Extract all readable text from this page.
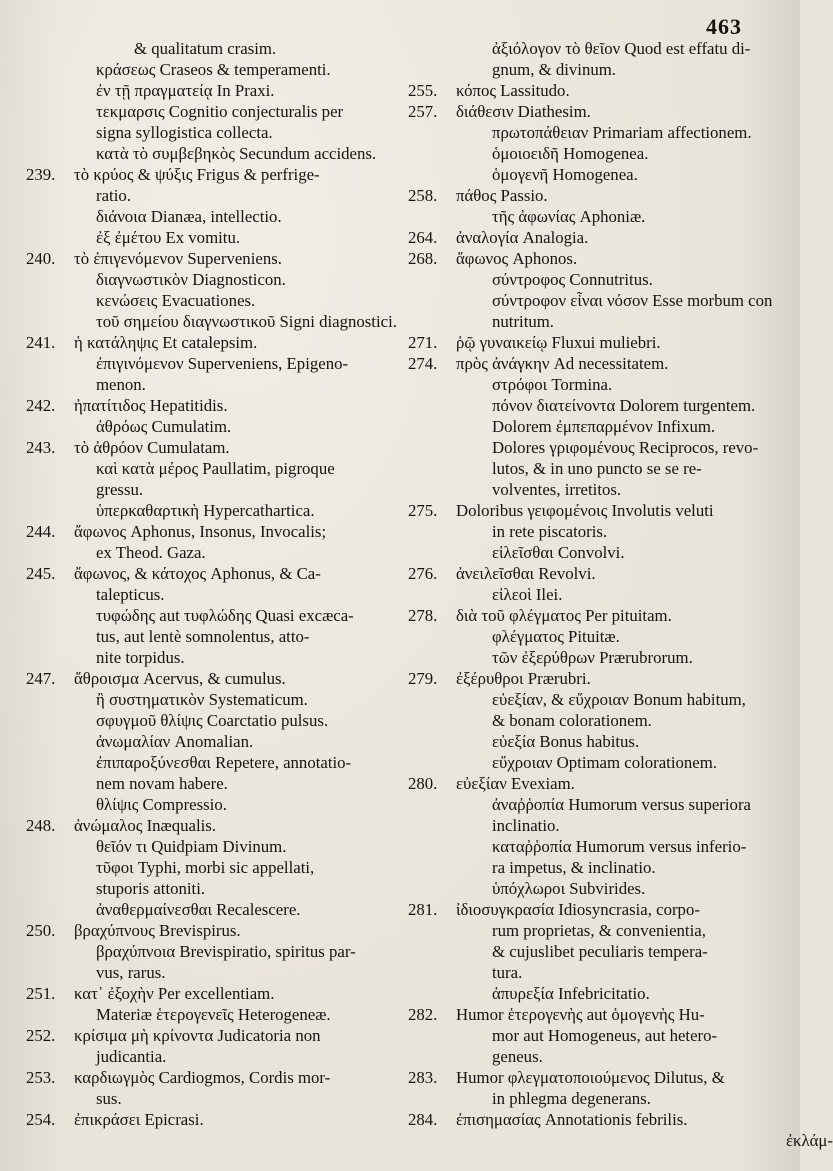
463
& qualitatum crasim.
κράσεως Craseos & temperamenti.
ἐν τῇ πραγματείᾳ In Praxi.
τεκμαρσις Cognitio conjecturalis per
signa syllogistica collecta.
κατὰ τὸ συμβεβηκὸς Secundum accidens.
239. τὸ κρύος & ψύξις Frigus & perfrige-
ratio.
διάνοια Dianæa, intellectio.
ἐξ ἐμέτου Ex vomitu.
240. τὸ ἐπιγενόμενον Superveniens.
διαγνωστικὸν Diagnosticon.
κενώσεις Evacuationes.
τοῦ σημείου διαγνωστικοῦ Signi diagnostici.
241. ἡ κατάληψις Et catalepsim.
ἐπιγινόμενον Superveniens, Epigeno-
menon.
242. ἠπατίτιδος Hepatitidis.
ἀθρόως Cumulatim.
243. τὸ ἀθρόον Cumulatam.
καὶ κατὰ μέρος Paullatim, pigroque
gressu.
ὑπερκαθαρτικὴ Hypercathartica.
244. ἄφωνος Aphonus, Insonus, Invocalis;
ex Theod. Gaza.
245. ἄφωνος, & κάτοχος Aphonus, & Ca-
talepticus.
τυφώδης aut τυφλώδης Quasi excæca-
tus, aut lentè somnolentus, atto-
nite torpidus.
247. ἄθροισμα Acervus, & cumulus.
ἢ συστηματικὸν Systematicum.
σφυγμοῦ θλίψις Coarctatio pulsus.
ἀνωμαλίαν Anomalian.
ἐπιπαροξύνεσθαι Repetere, annotatio-
nem novam habere.
θλίψις Compressio.
248. ἀνώμαλος Inæqualis.
θεῖόν τι Quidpiam Divinum.
τῦφοι Typhi, morbi sic appellati,
stuporis attoniti.
ἀναθερμαίνεσθαι Recalescere.
250. βραχύπνους Brevispirus.
βραχύπνοια Brevispiratio, spiritus par-
vus, rarus.
251. κατ᾽ ἐξοχὴν Per excellentiam.
Materiæ ἑτερογενεῖς Heterogeneæ.
252. κρίσιμα μὴ κρίνοντα Judicatoria non
judicantia.
253. καρδιωγμὸς Cardiogmos, Cordis mor-
sus.
254. ἐπικράσει Epicrasi.
ἀξιόλογον τὸ θεῖον Quod est effatu di-
gnum, & divinum.
255. κόπος Lassitudo.
257. διάθεσιν Diathesim.
πρωτοπάθειαν Primariam affectionem.
ὁμοιοειδῆ Homogenea.
ὁμογενῆ Homogenea.
258. πάθος Passio.
τῆς ἀφωνίας Aphoniæ.
264. ἀναλογία Analogia.
268. ἄφωνος Aphonos.
σύντροφος Connutritus.
σύντροφον εἶναι νόσον Esse morbum con
nutritum.
271. ῥῷ γυναικείῳ Fluxui muliebri.
274. πρὸς ἀνάγκην Ad necessitatem.
στρόφοι Tormina.
πόνον διατείνοντα Dolorem turgentem.
Dolorem ἐμπεπαρμένον Infixum.
Dolores γριφομένους Reciprocos, revo-
lutos, & in uno puncto se se re-
volventes, irretitos.
275. Doloribus γειφομένοις Involutis veluti
in rete piscatoris.
εἰλεῖσθαι Convolvi.
276. ἀνειλεῖσθαι Revolvi.
εἰλεοὶ Ilei.
278. διὰ τοῦ φλέγματος Per pituitam.
φλέγματος Pituitæ.
τῶν ἐξερύθρων Prærubrorum.
279. ἐξέρυθροι Prærubri.
εὐεξίαν, & εὔχροιαν Bonum habitum,
& bonam colorationem.
εὐεξία Bonus habitus.
εὔχροιαν Optimam colorationem.
280. εὐεξίαν Evexiam.
ἀναῤῥοπία Humorum versus superiora
inclinatio.
καταῤῥοπία Humorum versus inferio-
ra impetus, & inclinatio.
ὑπόχλωροι Subvirides.
281. ἰδιοσυγκρασία Idiosyncrasia, corpo-
rum proprietas, & convenientia,
& cujuslibet peculiaris tempera-
tura.
ἀπυρεξία Infebricitatio.
282. Humor ἑτερογενὴς aut ὁμογενὴς Hu-
mor aut Homogeneus, aut hetero-
geneus.
283. Humor φλεγματοποιούμενος Dilutus, &
in phlegma degenerans.
284. ἐπισημασίας Annotationis febrilis.
ἐκλάμ-
